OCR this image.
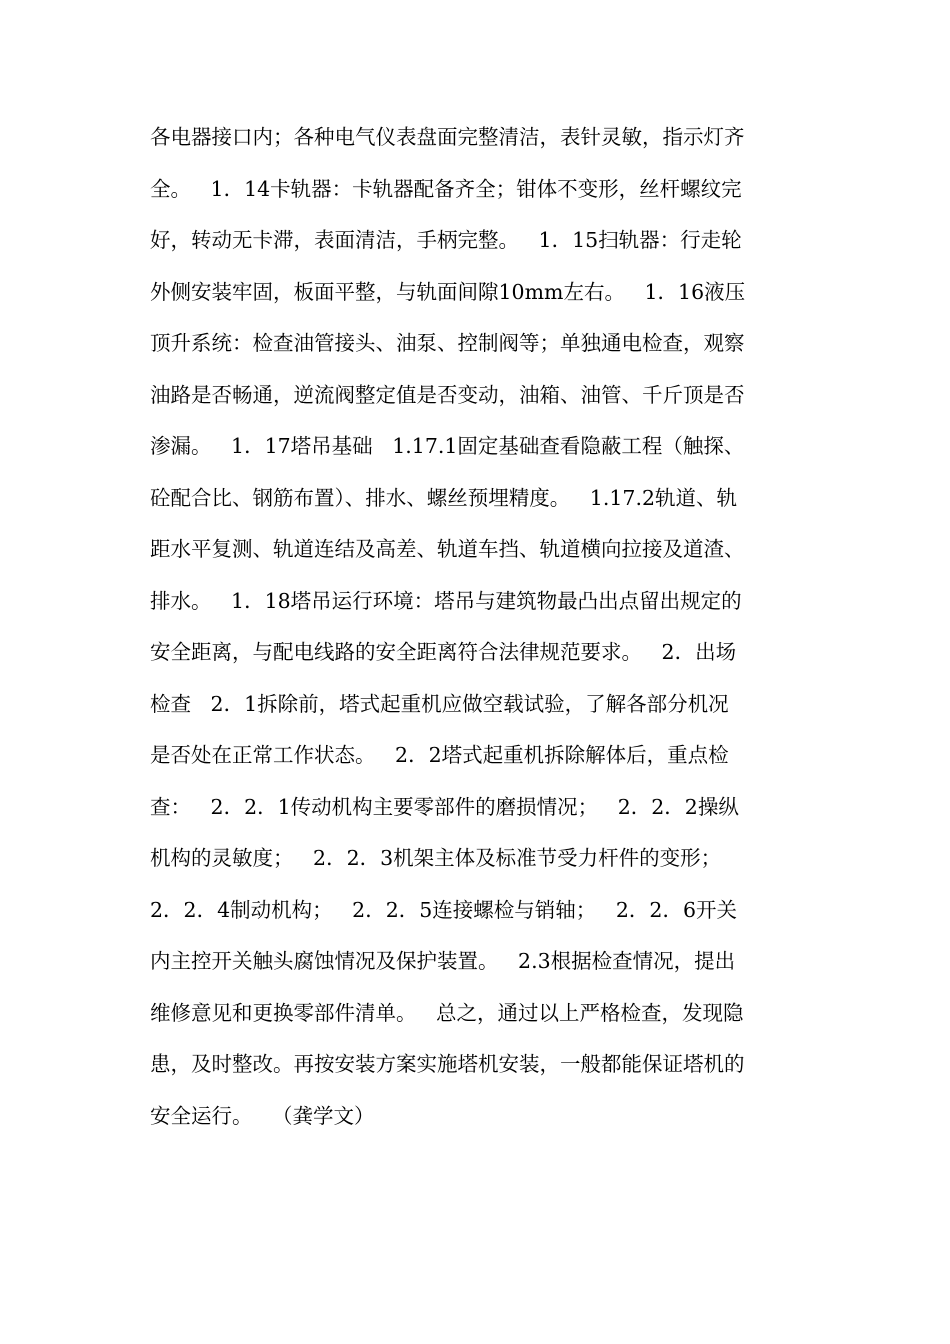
各电器接口内；各种电气仪表盘面完整清洁，表针灵敏，指示灯齐
全。   1．14卡轨器：卡轨器配备齐全；钳体不变形，丝杆螺纹完
好，转动无卡滞，表面清洁，手柄完整。   1．15扫轨器：行走轮
外侧安装牢固，板面平整，与轨面间隙10mm左右。   1．16液压
顶升系统：检查油管接头、油泵、控制阀等；单独通电检查，观察
油路是否畅通，逆流阀整定值是否变动，油箱、油管、千斤顶是否
渗漏。   1．17塔吊基础   1.17.1固定基础查看隐蔽工程（触探、
砼配合比、钢筋布置）、排水、螺丝预埋精度。   1.17.2轨道、轨
距水平复测、轨道连结及高差、轨道车挡、轨道横向拉接及道渣、
排水。   1．18塔吊运行环境：塔吊与建筑物最凸出点留出规定的
安全距离，与配电线路的安全距离符合法律规范要求。   2．出场
检查   2．1拆除前，塔式起重机应做空载试验，了解各部分机况
是否处在正常工作状态。   2．2塔式起重机拆除解体后，重点检
查：   2．2．1传动机构主要零部件的磨损情况；   2．2．2操纵
机构的灵敏度；   2．2．3机架主体及标准节受力杆件的变形；
2．2．4制动机构；   2．2．5连接螺检与销轴；   2．2．6开关
内主控开关触头腐蚀情况及保护装置。   2.3根据检查情况，提出
维修意见和更换零部件清单。   总之，通过以上严格检查，发现隐
患，及时整改。再按安装方案实施塔机安装，一般都能保证塔机的
安全运行。   （龚学文）
